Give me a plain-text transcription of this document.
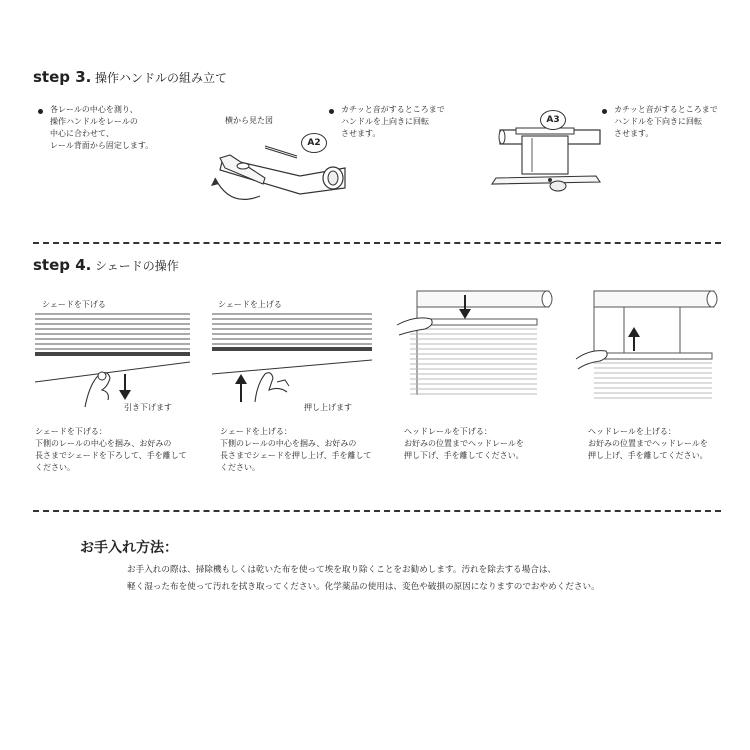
step 3. 操作ハンドルの組み立て
各レールの中心を測り、
操作ハンドルをレールの
中心に合わせて、
レール背面から固定します。
横から見た図
A2
カチッと音がするところまで
ハンドルを上向きに回転
させます。
A3
カチッと音がするところまで
ハンドルを下向きに回転
させます。
step 4. シェードの操作
シェードを下げる
引き下げます
シェードを下げる：
下側のレールの中心を掴み、お好みの
長さまでシェードを下ろして、手を離して
ください。
シェードを上げる
押し上げます
シェードを上げる：
下側のレールの中心を掴み、お好みの
長さまでシェードを押し上げ、手を離して
ください。
ヘッドレールを下げる：
お好みの位置までヘッドレールを
押し下げ、手を離してください。
ヘッドレールを上げる：
お好みの位置までヘッドレールを
押し上げ、手を離してください。
お手入れ方法：
お手入れの際は、掃除機もしくは乾いた布を使って埃を取り除くことをお勧めします。汚れを除去する場合は、
軽く湿った布を使って汚れを拭き取ってください。化学薬品の使用は、変色や破損の原因になりますのでおやめください。
